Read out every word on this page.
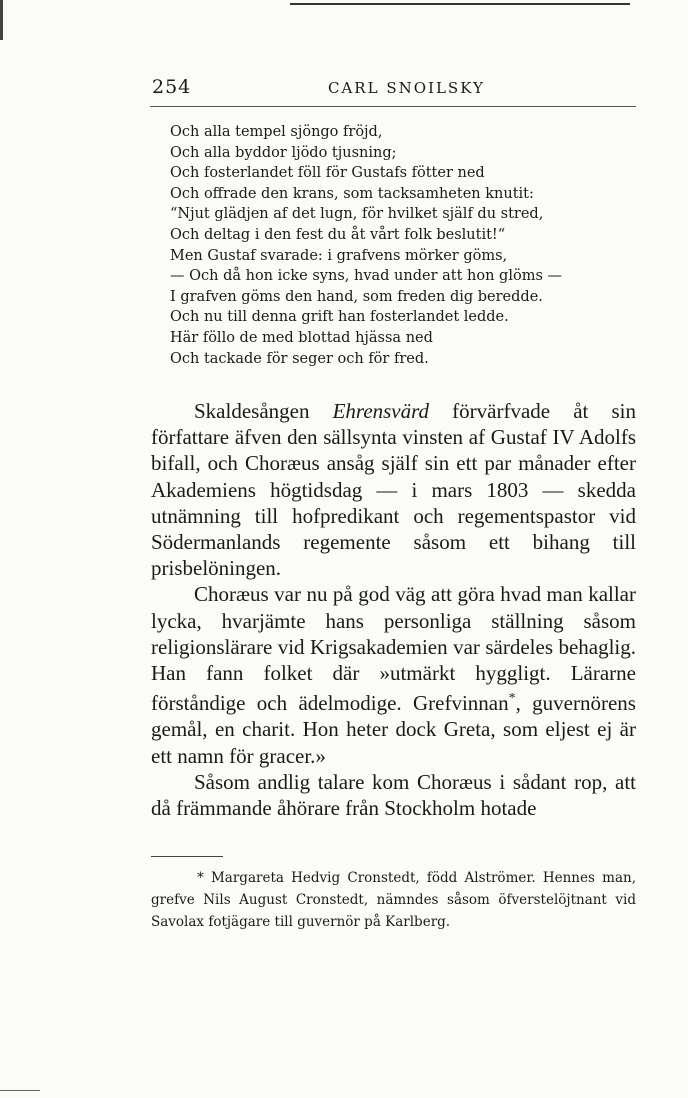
254	CARL SNOILSKY
Och alla tempel sjöngo fröjd,
Och alla byddor ljödo tjusning;
Och fosterlandet föll för Gustafs fötter ned
Och offrade den krans, som tacksamheten knutit:
“Njut glädjen af det lugn, för hvilket själf du stred,
Och deltag i den fest du åt vårt folk beslutit!“
Men Gustaf svarade: i grafvens mörker göms,
— Och då hon icke syns, hvad under att hon glöms —
I grafven göms den hand, som freden dig beredde.
Och nu till denna grift han fosterlandet ledde.
Här föllo de med blottad hjässa ned
Och tackade för seger och för fred.

Skaldesången Ehrensvärd förvärfvade åt sin författare äfven den sällsynta vinsten af Gustaf IV Adolfs bifall, och Choræus ansåg själf sin ett par månader efter Akademiens högtidsdag — i mars 1803 — skedda utnämning till hofpredikant och regementspastor vid Södermanlands regemente såsom ett bihang till prisbelöningen.

Choræus var nu på god väg att göra hvad man kallar lycka, hvarjämte hans personliga ställning såsom religionslärare vid Krigsakademien var särdeles behaglig. Han fann folket där »utmärkt hyggligt. Lärarne förståndige och ädelmodige. Grefvinnan*, guvernörens gemål, en charit. Hon heter dock Greta, som eljest ej är ett namn för gracer.»

Såsom andlig talare kom Choræus i sådant rop, att då främmande åhörare från Stockholm hotade

* Margareta Hedvig Cronstedt, född Alströmer. Hennes man, grefve Nils August Cronstedt, nämndes såsom öfverstelöjtnant vid Savolax fotjägare till guvernör på Karlberg.
